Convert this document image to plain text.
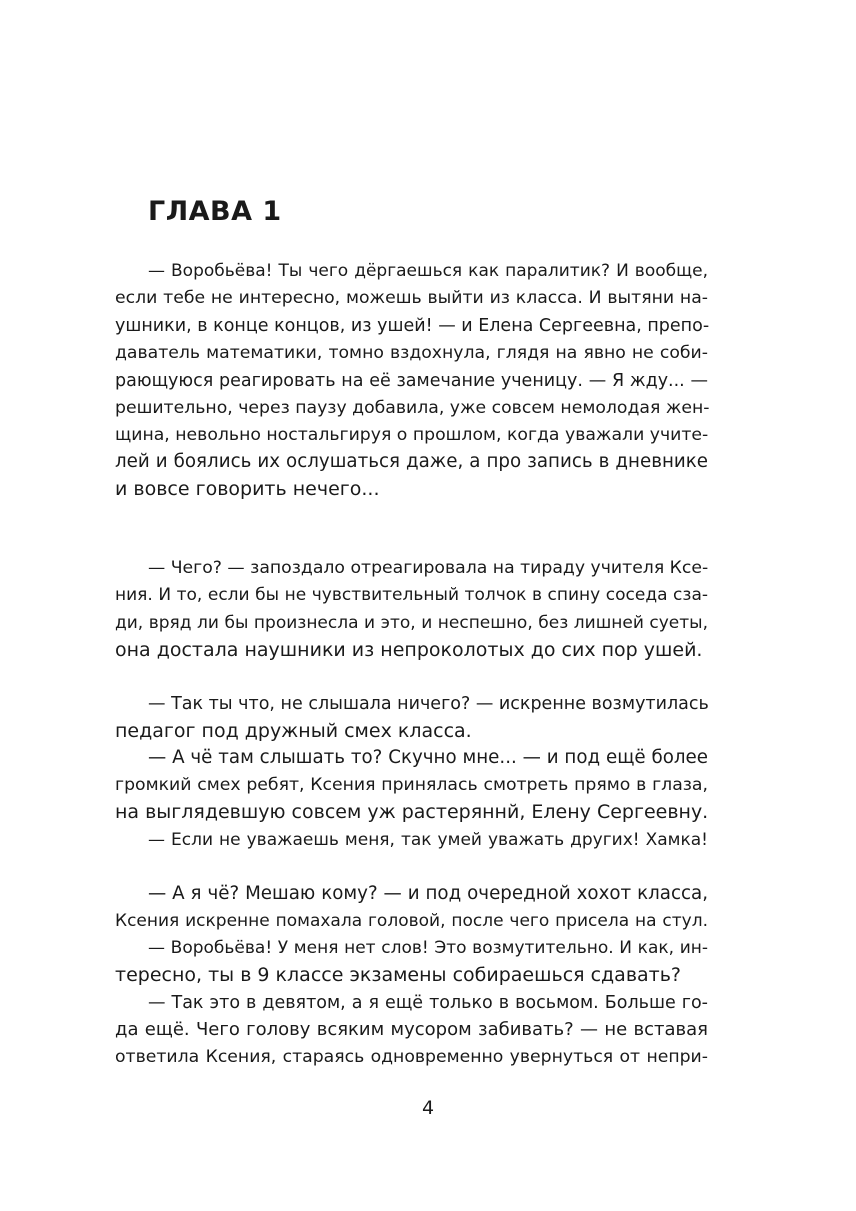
ГЛАВА 1
— Воробьёва! Ты чего дёргаешься как паралитик? И вообще,
если тебе не интересно, можешь выйти из класса. И вытяни на-
ушники, в конце концов, из ушей! — и Елена Сергеевна, препо-
даватель математики, томно вздохнула, глядя на явно не соби-
рающуюся реагировать на её замечание ученицу. — Я жду... —
решительно, через паузу добавила, уже совсем немолодая жен-
щина, невольно ностальгируя о прошлом, когда уважали учите-
лей и боялись их ослушаться даже, а про запись в дневнике
и вовсе говорить нечего...
— Чего? — запоздало отреагировала на тираду учителя Ксе-
ния. И то, если бы не чувствительный толчок в спину соседа сза-
ди, вряд ли бы произнесла и это, и неспешно, без лишней суеты,
она достала наушники из непроколотых до сих пор ушей.
— Так ты что, не слышала ничего? — искренне возмутилась
педагог под дружный смех класса.
— А чё там слышать то? Скучно мне... — и под ещё более
громкий смех ребят, Ксения принялась смотреть прямо в глаза,
на выглядевшую совсем уж растеряннй, Елену Сергеевну.
— Если не уважаешь меня, так умей уважать других! Хамка!
— А я чё? Мешаю кому? — и под очередной хохот класса,
Ксения искренне помахала головой, после чего присела на стул.
— Воробьёва! У меня нет слов! Это возмутительно. И как, ин-
тересно, ты в 9 классе экзамены собираешься сдавать?
— Так это в девятом, а я ещё только в восьмом. Больше го-
да ещё. Чего голову всяким мусором забивать? — не вставая
ответила Ксения, стараясь одновременно увернуться от непри-
4
